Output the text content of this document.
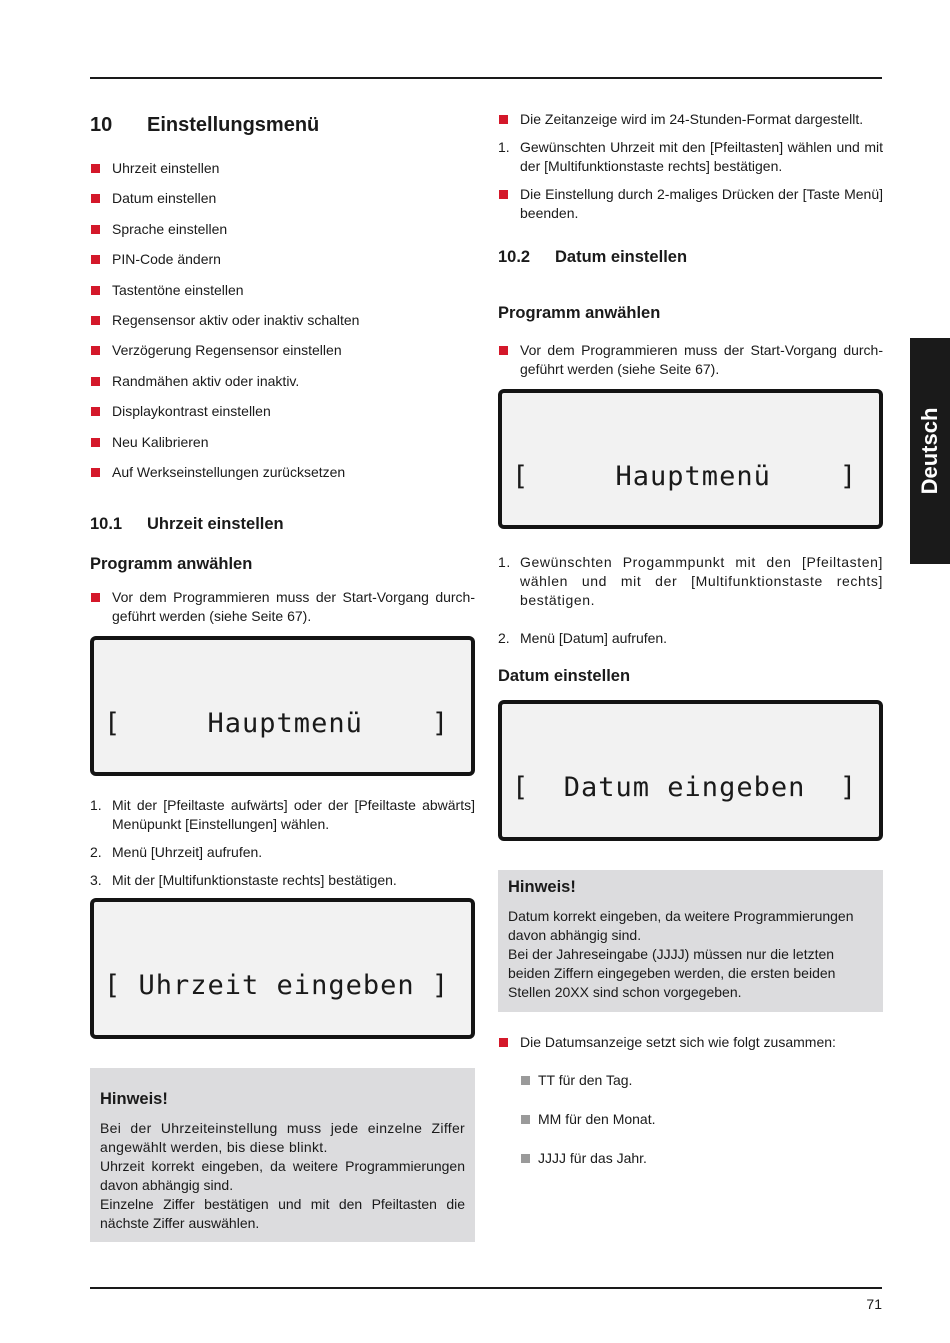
10	Einstellungsmenü
Uhrzeit einstellen
Datum einstellen
Sprache einstellen
PIN-Code ändern
Tastentöne einstellen
Regensensor aktiv oder inaktiv schalten
Verzögerung Regensensor einstellen
Randmähen aktiv oder inaktiv.
Displaykontrast einstellen
Neu Kalibrieren
Auf Werkseinstellungen zurücksetzen
10.1	Uhrzeit einstellen
Programm anwählen
Vor dem Programmieren muss der Start-Vorgang durch-geführt werden (siehe Seite 67).

[     Hauptmenü    ]

1. Mit der [Pfeiltaste aufwärts] oder der [Pfeiltaste abwärts] Menüpunkt [Einstellungen] wählen.
2. Menü [Uhrzeit] aufrufen.
3. Mit der [Multifunktionstaste rechts] bestätigen.

[ Uhrzeit eingeben ]

Hinweis!

Bei der Uhrzeiteinstellung muss jede einzelne Ziffer angewählt werden, bis diese blinkt.

Uhrzeit korrekt eingeben, da weitere Programmierungen davon abhängig sind.

Einzelne Ziffer bestätigen und mit den Pfeiltasten die nächste Ziffer auswählen.

Die Zeitanzeige wird im 24-Stunden-Format dargestellt.
1. Gewünschten Uhrzeit mit den [Pfeiltasten] wählen und mit der [Multifunktionstaste rechts] bestätigen.
Die Einstellung durch 2-maliges Drücken der [Taste Menü] beenden.
10.2	Datum einstellen
Programm anwählen
Vor dem Programmieren muss der Start-Vorgang durch-geführt werden (siehe Seite 67).

[     Hauptmenü    ]

1. Gewünschten Progammpunkt mit den [Pfeiltasten] wählen und mit der [Multifunktionstaste rechts] bestätigen.
2. Menü [Datum] aufrufen.
Datum einstellen

[  Datum eingeben  ]

Hinweis!

Datum korrekt eingeben, da weitere Programmierungen davon abhängig sind.

Bei der Jahreseingabe (JJJJ) müssen nur die letzten beiden Ziffern eingegeben werden, die ersten beiden Stellen 20XX sind schon vorgegeben.

Die Datumsanzeige setzt sich wie folgt zusammen:
TT für den Tag.
MM für den Monat.
JJJJ für das Jahr.
Deutsch
71
